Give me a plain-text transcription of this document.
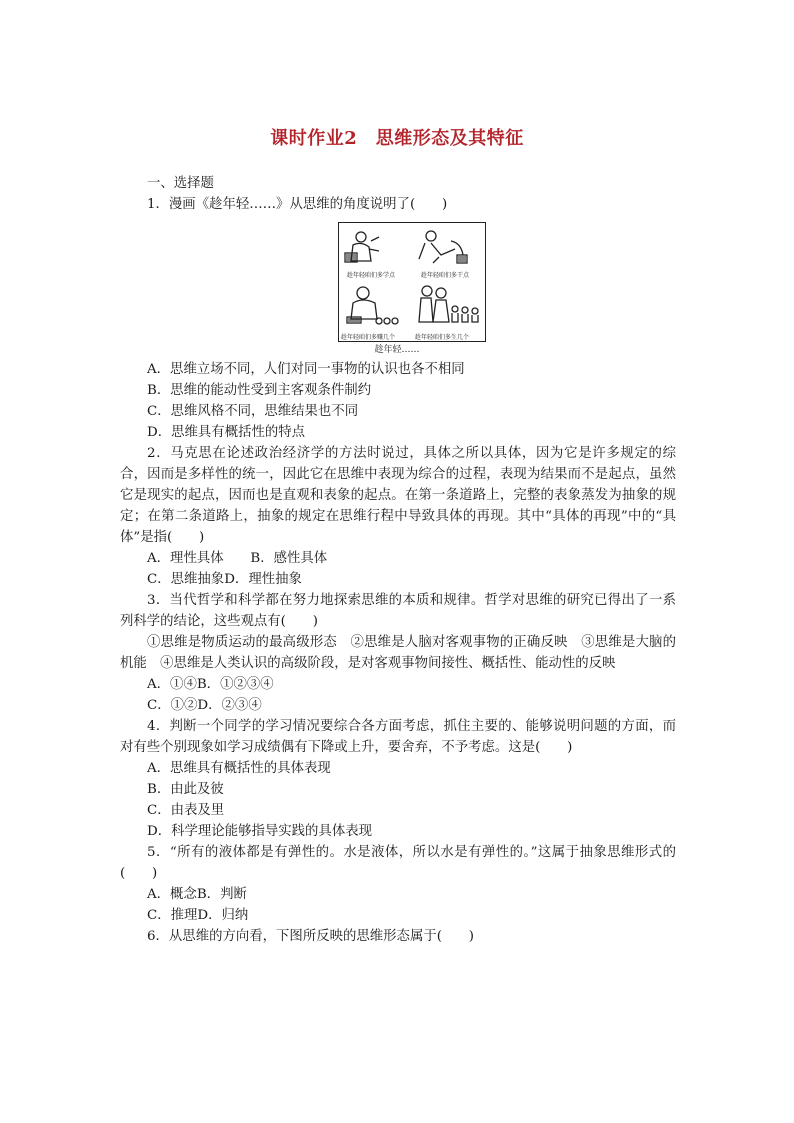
课时作业2　思维形态及其特征
一、选择题
1．漫画《趁年轻……》从思维的角度说明了(　　)
趁年轻咱们多学点	趁年轻咱们多干点
趁年轻咱们多赚几个	趁年轻咱们多生几个
趁年轻……
A．思维立场不同，人们对同一事物的认识也各不相同
B．思维的能动性受到主客观条件制约
C．思维风格不同，思维结果也不同
D．思维具有概括性的特点
2．马克思在论述政治经济学的方法时说过，具体之所以具体，因为它是许多规定的综合，因而是多样性的统一，因此它在思维中表现为综合的过程，表现为结果而不是起点，虽然它是现实的起点，因而也是直观和表象的起点。在第一条道路上，完整的表象蒸发为抽象的规定；在第二条道路上，抽象的规定在思维行程中导致具体的再现。其中“具体的再现”中的“具体”是指(　　)
A．理性具体　　B．感性具体
C．思维抽象D．理性抽象
3．当代哲学和科学都在努力地探索思维的本质和规律。哲学对思维的研究已得出了一系列科学的结论，这些观点有(　　)
①思维是物质运动的最高级形态　②思维是人脑对客观事物的正确反映　③思维是大脑的机能　④思维是人类认识的高级阶段，是对客观事物间接性、概括性、能动性的反映
A．①④B．①②③④
C．①②D．②③④
4．判断一个同学的学习情况要综合各方面考虑，抓住主要的、能够说明问题的方面，而对有些个别现象如学习成绩偶有下降或上升，要舍弃，不予考虑。这是(　　)
A．思维具有概括性的具体表现
B．由此及彼
C．由表及里
D．科学理论能够指导实践的具体表现
5．“所有的液体都是有弹性的。水是液体，所以水是有弹性的。”这属于抽象思维形式的(　　)
A．概念B．判断
C．推理D．归纳
6．从思维的方向看，下图所反映的思维形态属于(　　)
